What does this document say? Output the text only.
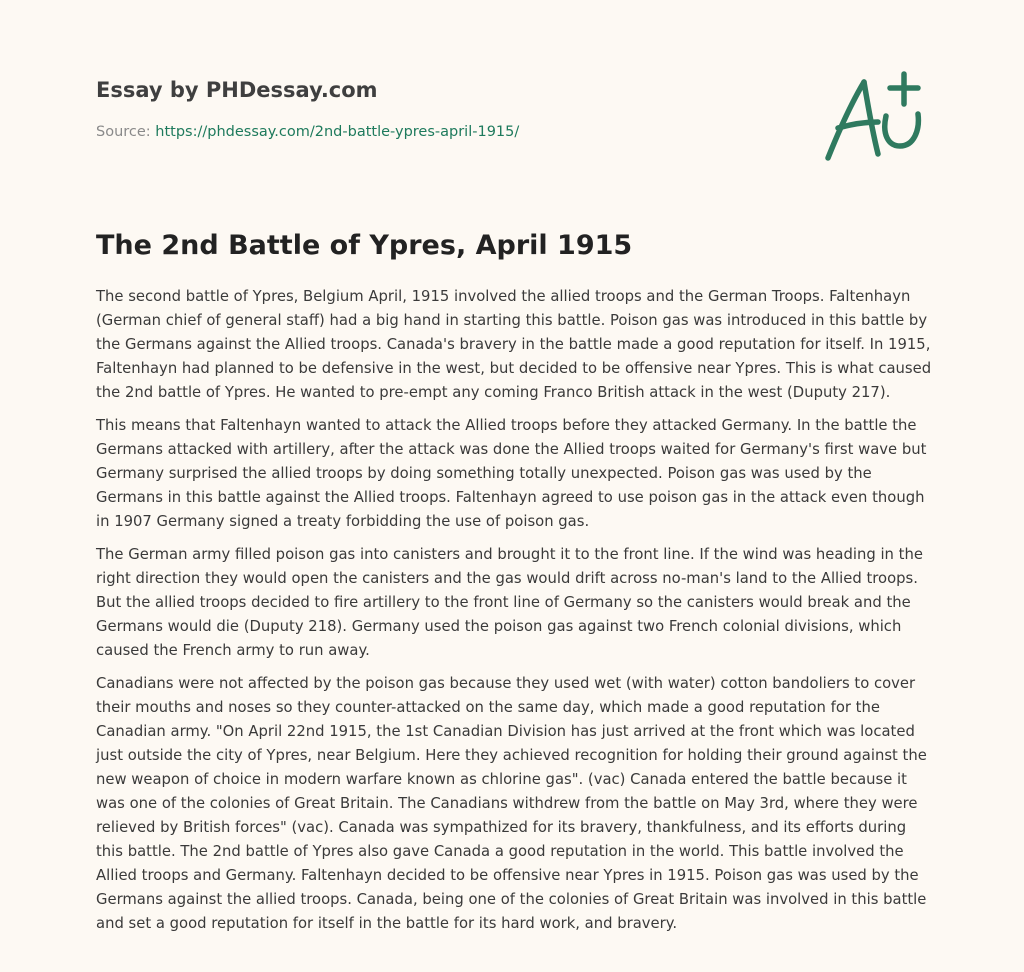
Essay by PHDessay.com
Source: https://phdessay.com/2nd-battle-ypres-april-1915/
The 2nd Battle of Ypres, April 1915

The second battle of Ypres, Belgium April, 1915 involved the allied troops and the German Troops. Faltenhayn (German chief of general staff) had a big hand in starting this battle. Poison gas was introduced in this battle by the Germans against the Allied troops. Canada's bravery in the battle made a good reputation for itself. In 1915, Faltenhayn had planned to be defensive in the west, but decided to be offensive near Ypres. This is what caused the 2nd battle of Ypres. He wanted to pre-empt any coming Franco British attack in the west (Duputy 217).

This means that Faltenhayn wanted to attack the Allied troops before they attacked Germany. In the battle the Germans attacked with artillery, after the attack was done the Allied troops waited for Germany's first wave but Germany surprised the allied troops by doing something totally unexpected. Poison gas was used by the Germans in this battle against the Allied troops. Faltenhayn agreed to use poison gas in the attack even though in 1907 Germany signed a treaty forbidding the use of poison gas.

The German army filled poison gas into canisters and brought it to the front line. If the wind was heading in the right direction they would open the canisters and the gas would drift across no-man's land to the Allied troops. But the allied troops decided to fire artillery to the front line of Germany so the canisters would break and the Germans would die (Duputy 218). Germany used the poison gas against two French colonial divisions, which caused the French army to run away.

Canadians were not affected by the poison gas because they used wet (with water) cotton bandoliers to cover their mouths and noses so they counter-attacked on the same day, which made a good reputation for the Canadian army. "On April 22nd 1915, the 1st Canadian Division has just arrived at the front which was located just outside the city of Ypres, near Belgium. Here they achieved recognition for holding their ground against the new weapon of choice in modern warfare known as chlorine gas". (vac) Canada entered the battle because it was one of the colonies of Great Britain. The Canadians withdrew from the battle on May 3rd, where they were relieved by British forces" (vac). Canada was sympathized for its bravery, thankfulness, and its efforts during this battle. The 2nd battle of Ypres also gave Canada a good reputation in the world. This battle involved the Allied troops and Germany. Faltenhayn decided to be offensive near Ypres in 1915. Poison gas was used by the Germans against the allied troops. Canada, being one of the colonies of Great Britain was involved in this battle and set a good reputation for itself in the battle for its hard work, and bravery.
